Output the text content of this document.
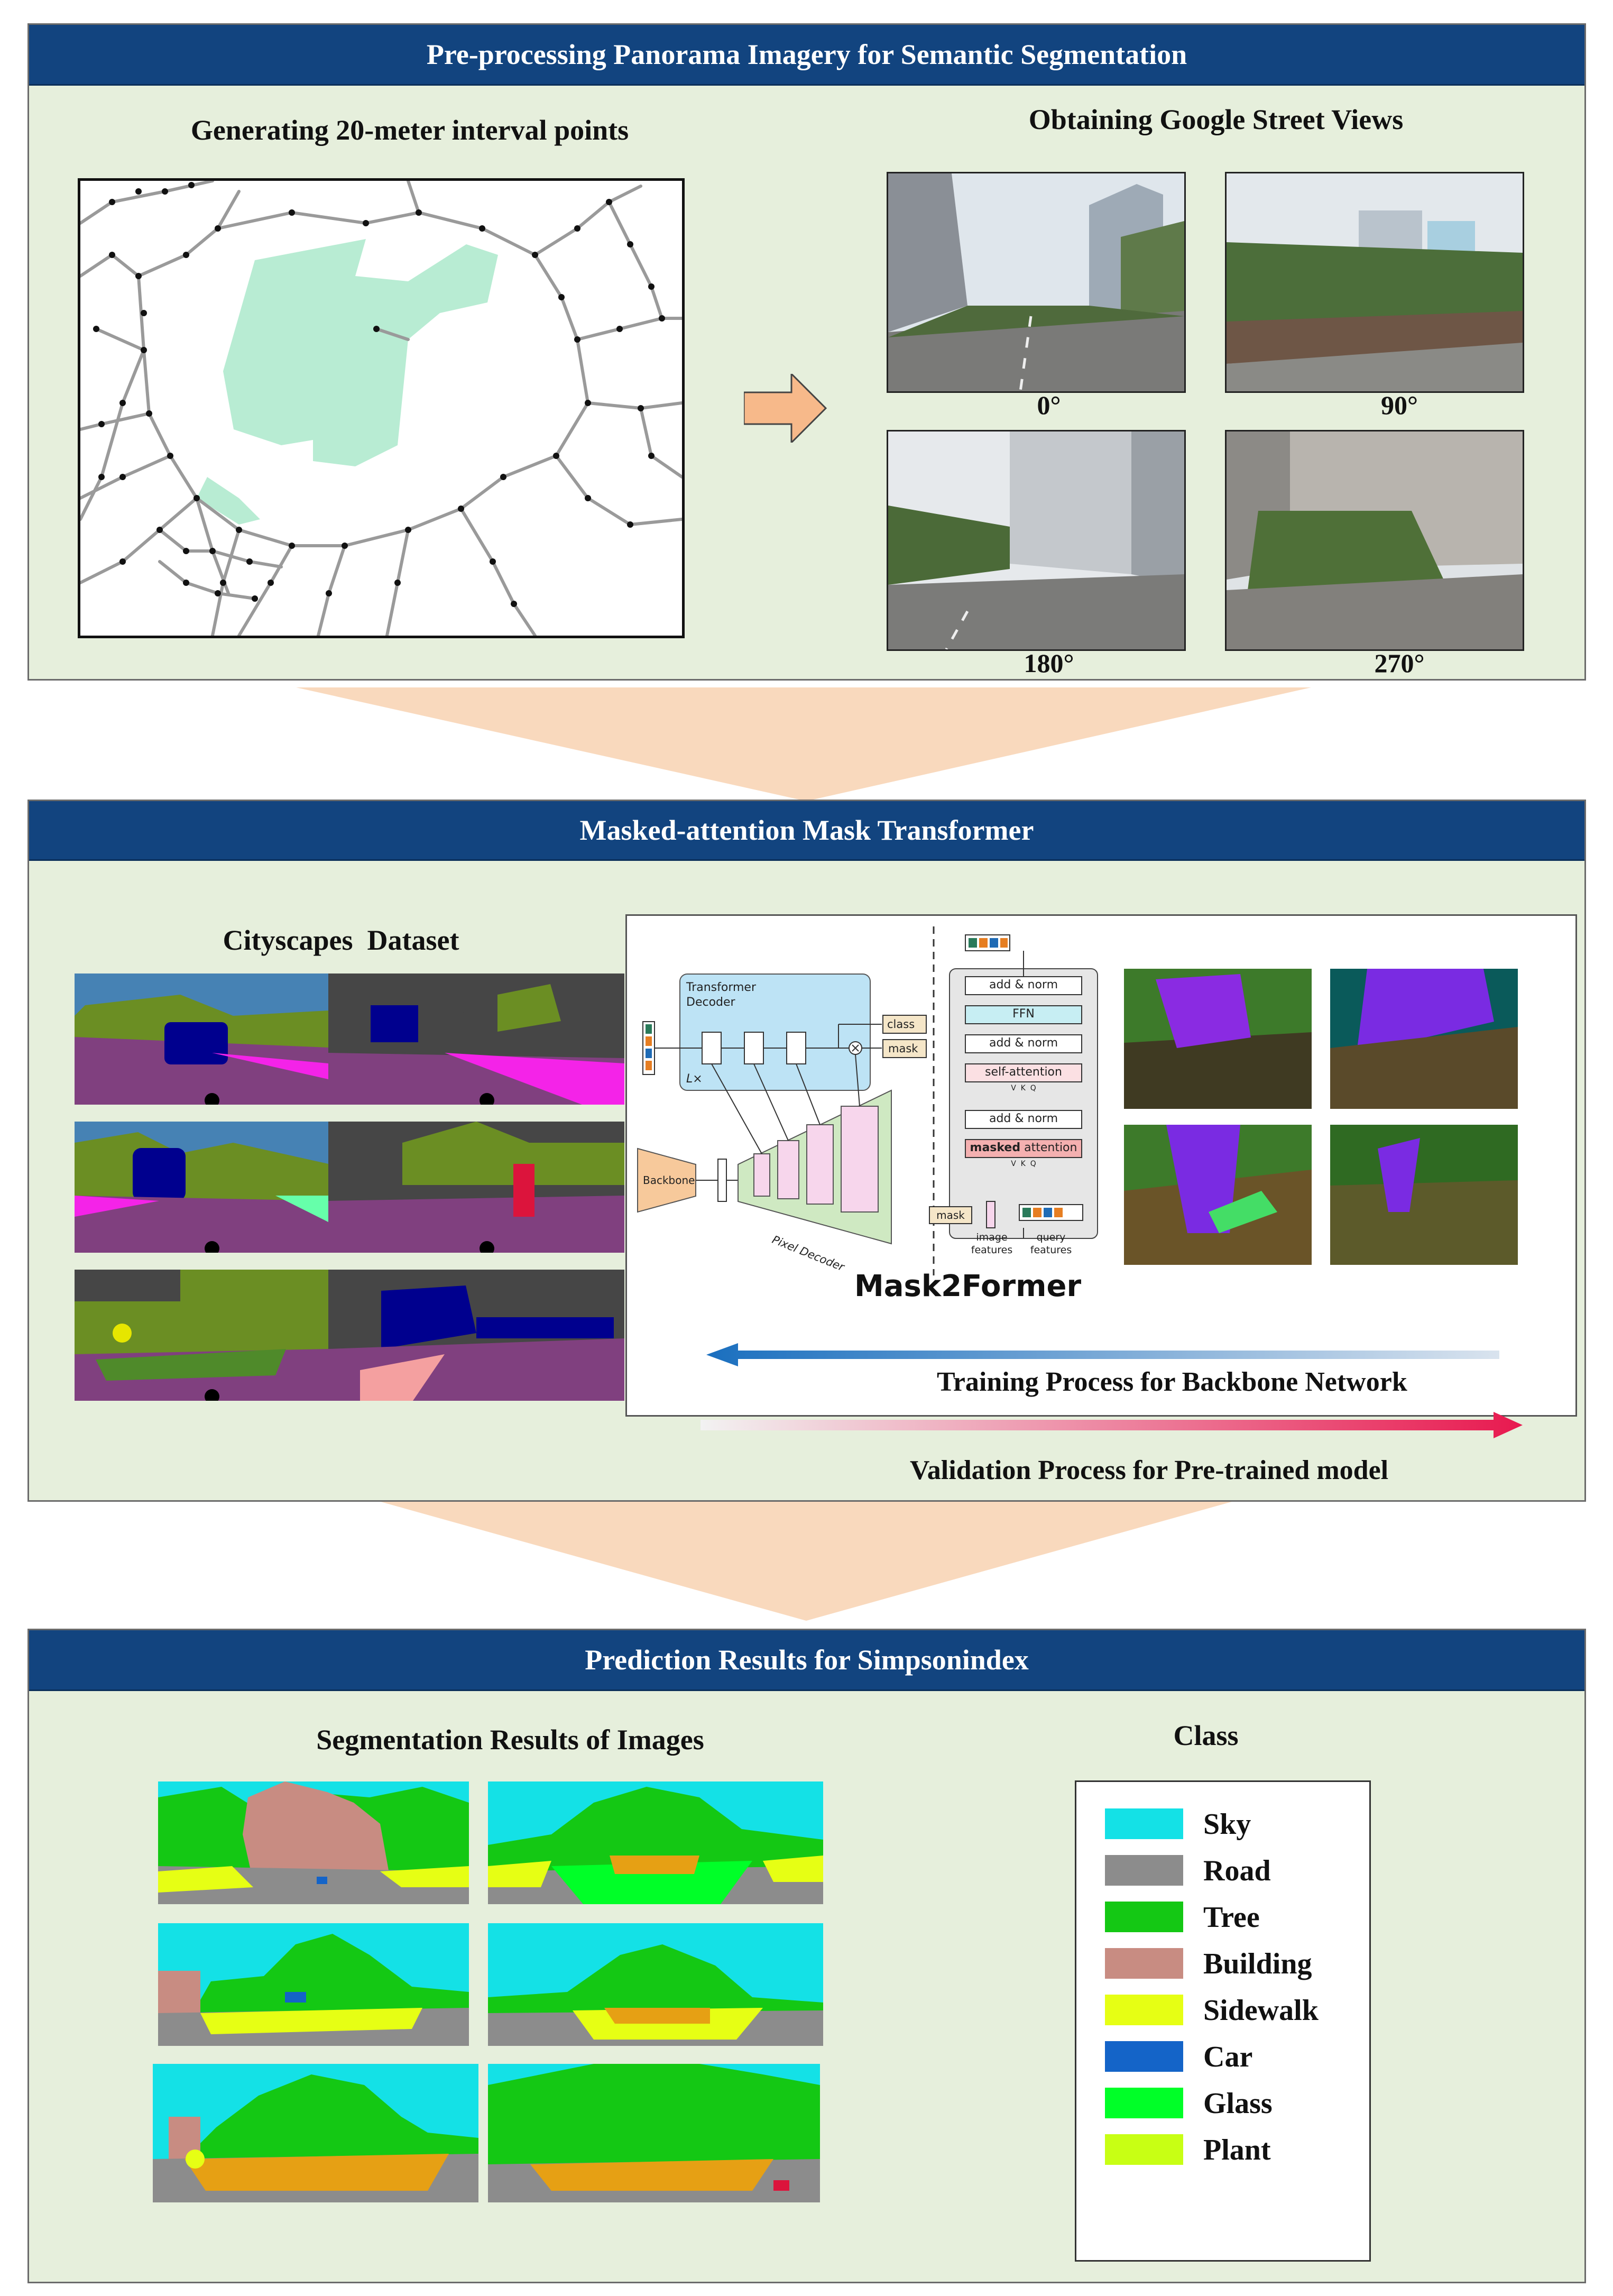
Pre-processing Panorama Imagery for Semantic Segmentation
Generating 20-meter interval points	Obtaining Google Street Views
0°	90°
180°	270°
Masked-attention Mask Transformer
Cityscapes  Dataset
Transformer Decoder
L×
class
mask
Backbone
Pixel Decoder
add & norm
FFN
add & norm
self-attention
V  K  Q
add & norm
masked attention
V  K  Q
mask
image features
query features
Mask2Former
Training Process for Backbone Network
Validation Process for Pre-trained model
Prediction Results for Simpsonindex
Segmentation Results of Images	Class
Sky
Road
Tree
Building
Sidewalk
Car
Glass
Plant
